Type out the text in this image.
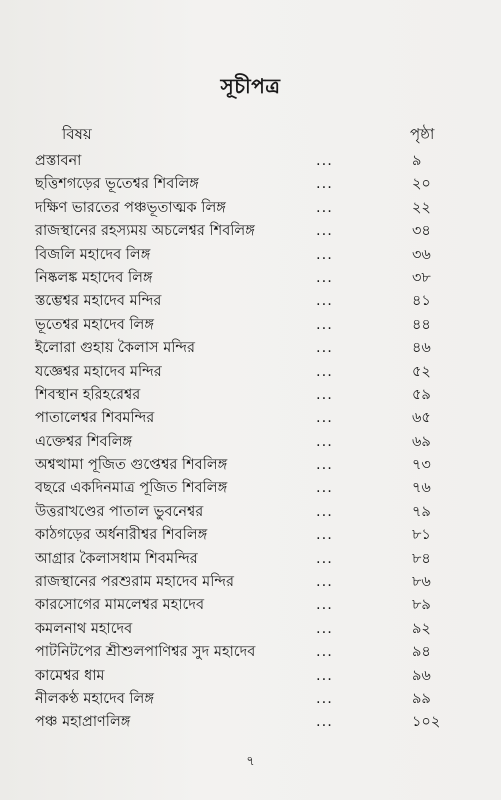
সূচীপত্র
বিষয়	পৃষ্ঠা
প্রস্তাবনা	...	৯
ছত্তিশগড়ের ভূতেশ্বর শিবলিঙ্গ	...	২০
দক্ষিণ ভারতের পঞ্চভূতাত্মক লিঙ্গ	...	২২
রাজস্থানের রহস্যময় অচলেশ্বর শিবলিঙ্গ	...	৩৪
বিজলি মহাদেব লিঙ্গ	...	৩৬
নিষ্কলঙ্ক মহাদেব লিঙ্গ	...	৩৮
স্তম্ভেশ্বর মহাদেব মন্দির	...	৪১
ভূতেশ্বর মহাদেব লিঙ্গ	...	৪৪
ইলোরা গুহায় কৈলাস মন্দির	...	৪৬
যজ্ঞেশ্বর মহাদেব মন্দির	...	৫২
শিবস্থান হরিহরেশ্বর	...	৫৯
পাতালেশ্বর শিবমন্দির	...	৬৫
এক্তেশ্বর শিবলিঙ্গ	...	৬৯
অশ্বত্থামা পূজিত গুপ্তেশ্বর শিবলিঙ্গ	...	৭৩
বছরে একদিনমাত্র পূজিত শিবলিঙ্গ	...	৭৬
উত্তরাখণ্ডের পাতাল ভুবনেশ্বর	...	৭৯
কাঠগড়ের অর্ধনারীশ্বর শিবলিঙ্গ	...	৮১
আগ্রার কৈলাসধাম শিবমন্দির	...	৮৪
রাজস্থানের পরশুরাম মহাদেব মন্দির	...	৮৬
কারসোগের মামলেশ্বর মহাদেব	...	৮৯
কমলনাথ মহাদেব	...	৯২
পাটনিটপের শ্রীশুলপাণিশ্বর সুদ মহাদেব	...	৯৪
কামেশ্বর ধাম	...	৯৬
নীলকণ্ঠ মহাদেব লিঙ্গ	...	৯৯
পঞ্চ মহাপ্রাণলিঙ্গ	...	১০২
৭
